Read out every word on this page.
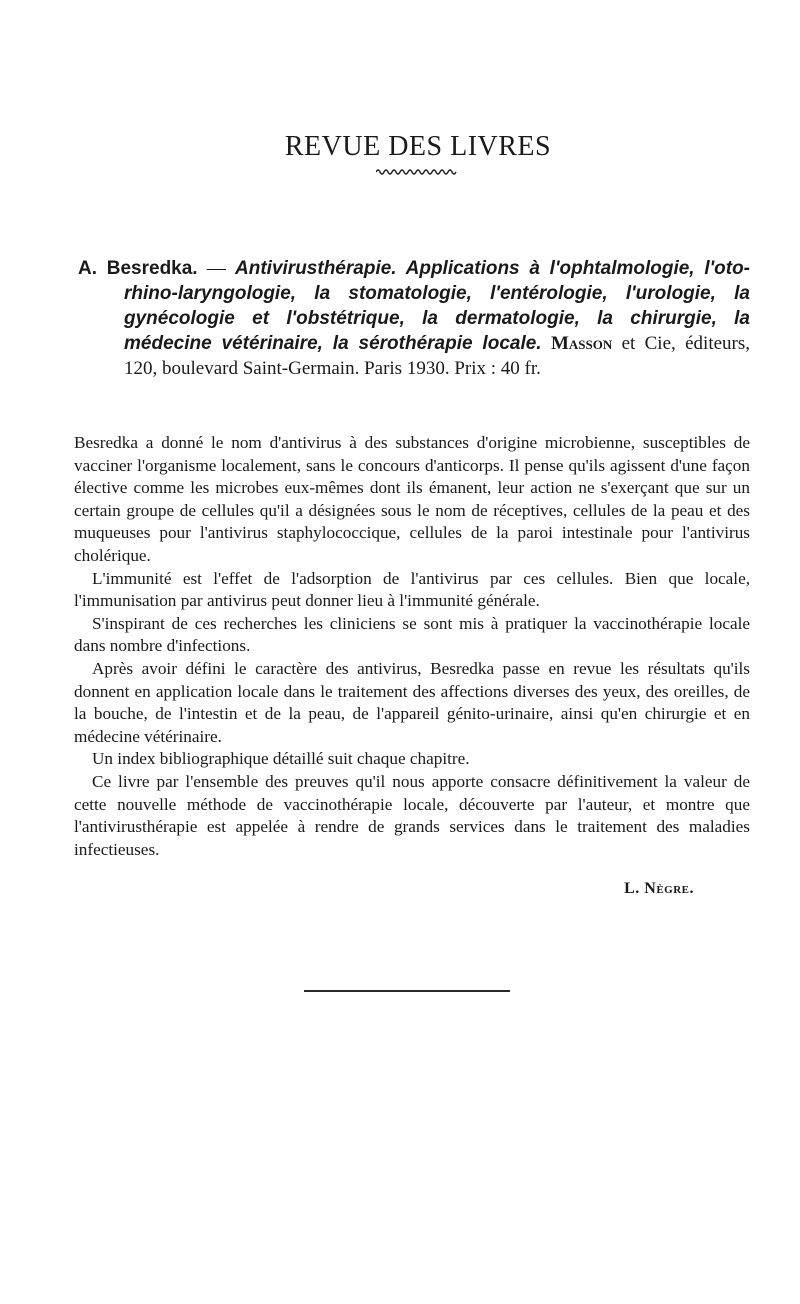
REVUE DES LIVRES
A. Besredka. — Antivirusthérapie. Applications à l'ophtalmologie, l'oto-rhino-laryngologie, la stomatologie, l'entérologie, l'urologie, la gynécologie et l'obstétrique, la dermatologie, la chirurgie, la médecine vétérinaire, la sérothérapie locale. Masson et Cie, éditeurs, 120, boulevard Saint-Germain. Paris 1930. Prix : 40 fr.

Besredka a donné le nom d'antivirus à des substances d'origine microbienne, susceptibles de vacciner l'organisme localement, sans le concours d'anticorps. Il pense qu'ils agissent d'une façon élective comme les microbes eux-mêmes dont ils émanent, leur action ne s'exerçant que sur un certain groupe de cellules qu'il a désignées sous le nom de réceptives, cellules de la peau et des muqueuses pour l'antivirus staphylococcique, cellules de la paroi intestinale pour l'antivirus cholérique.

L'immunité est l'effet de l'adsorption de l'antivirus par ces cellules. Bien que locale, l'immunisation par antivirus peut donner lieu à l'immunité générale.

S'inspirant de ces recherches les cliniciens se sont mis à pratiquer la vaccinothérapie locale dans nombre d'infections.

Après avoir défini le caractère des antivirus, Besredka passe en revue les résultats qu'ils donnent en application locale dans le traitement des affections diverses des yeux, des oreilles, de la bouche, de l'intestin et de la peau, de l'appareil génito-urinaire, ainsi qu'en chirurgie et en médecine vétérinaire.

Un index bibliographique détaillé suit chaque chapitre.

Ce livre par l'ensemble des preuves qu'il nous apporte consacre définitivement la valeur de cette nouvelle méthode de vaccinothérapie locale, découverte par l'auteur, et montre que l'antivirusthérapie est appelée à rendre de grands services dans le traitement des maladies infectieuses.

L. Nègre.
